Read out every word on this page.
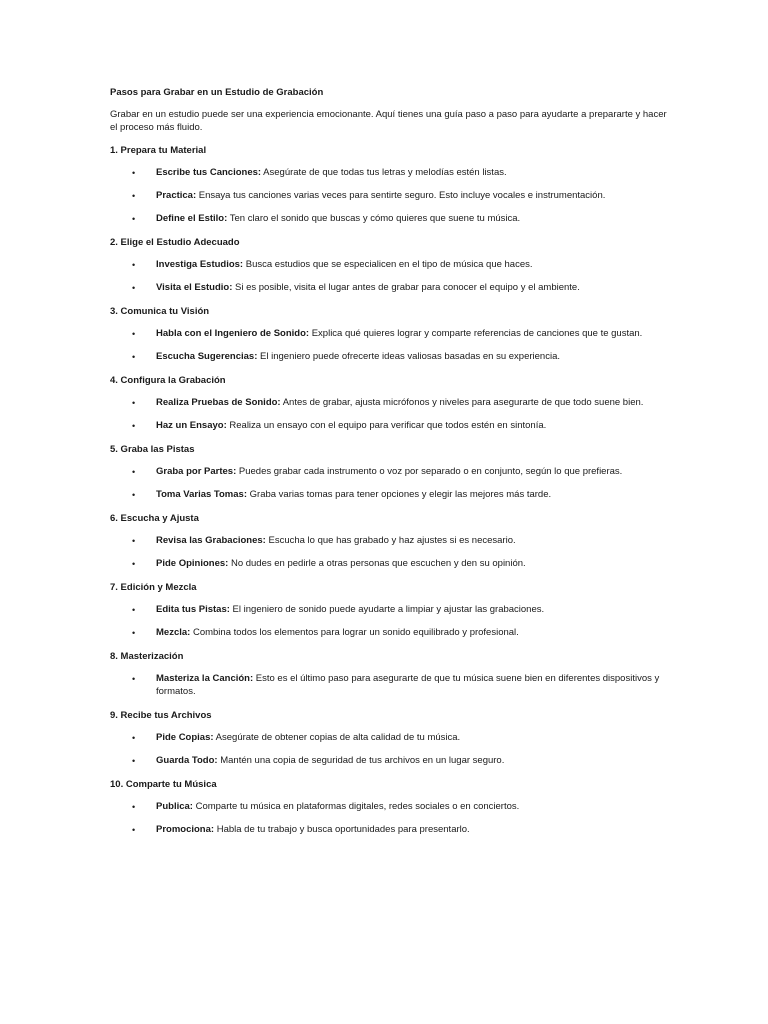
Pasos para Grabar en un Estudio de Grabación
Grabar en un estudio puede ser una experiencia emocionante. Aquí tienes una guía paso a paso para ayudarte a prepararte y hacer el proceso más fluido.
1. Prepara tu Material
• Escribe tus Canciones: Asegúrate de que todas tus letras y melodías estén listas.
• Practica: Ensaya tus canciones varias veces para sentirte seguro. Esto incluye vocales e instrumentación.
• Define el Estilo: Ten claro el sonido que buscas y cómo quieres que suene tu música.
2. Elige el Estudio Adecuado
• Investiga Estudios: Busca estudios que se especialicen en el tipo de música que haces.
• Visita el Estudio: Si es posible, visita el lugar antes de grabar para conocer el equipo y el ambiente.
3. Comunica tu Visión
• Habla con el Ingeniero de Sonido: Explica qué quieres lograr y comparte referencias de canciones que te gustan.
• Escucha Sugerencias: El ingeniero puede ofrecerte ideas valiosas basadas en su experiencia.
4. Configura la Grabación
• Realiza Pruebas de Sonido: Antes de grabar, ajusta micrófonos y niveles para asegurarte de que todo suene bien.
• Haz un Ensayo: Realiza un ensayo con el equipo para verificar que todos estén en sintonía.
5. Graba las Pistas
• Graba por Partes: Puedes grabar cada instrumento o voz por separado o en conjunto, según lo que prefieras.
• Toma Varias Tomas: Graba varias tomas para tener opciones y elegir las mejores más tarde.
6. Escucha y Ajusta
• Revisa las Grabaciones: Escucha lo que has grabado y haz ajustes si es necesario.
• Pide Opiniones: No dudes en pedirle a otras personas que escuchen y den su opinión.
7. Edición y Mezcla
• Edita tus Pistas: El ingeniero de sonido puede ayudarte a limpiar y ajustar las grabaciones.
• Mezcla: Combina todos los elementos para lograr un sonido equilibrado y profesional.
8. Masterización
• Masteriza la Canción: Esto es el último paso para asegurarte de que tu música suene bien en diferentes dispositivos y formatos.
9. Recibe tus Archivos
• Pide Copias: Asegúrate de obtener copias de alta calidad de tu música.
• Guarda Todo: Mantén una copia de seguridad de tus archivos en un lugar seguro.
10. Comparte tu Música
• Publica: Comparte tu música en plataformas digitales, redes sociales o en conciertos.
• Promociona: Habla de tu trabajo y busca oportunidades para presentarlo.
